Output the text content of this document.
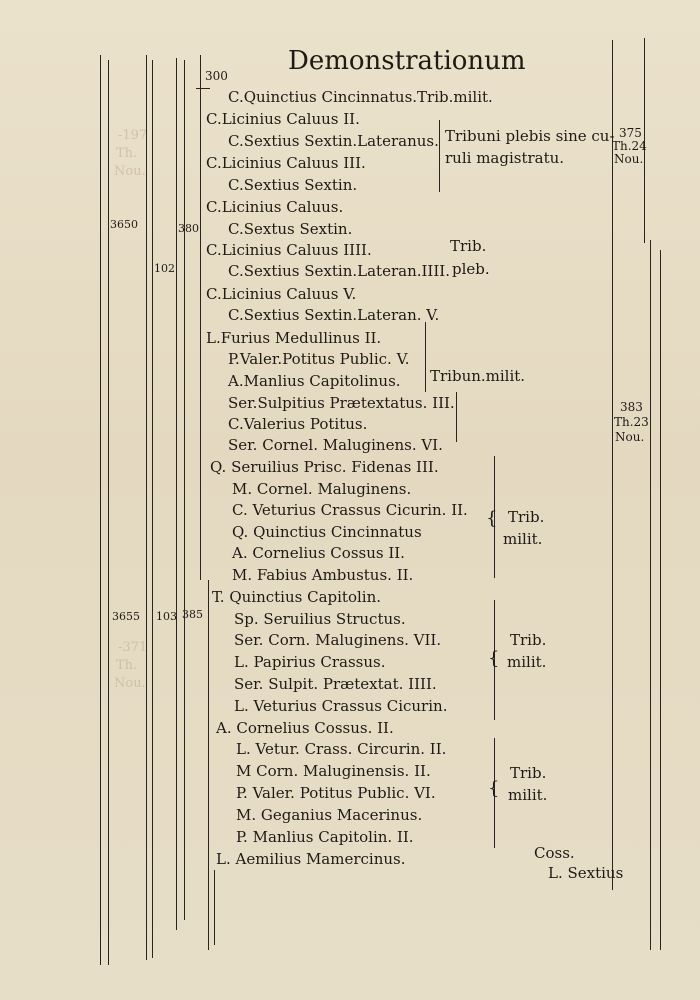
-197
Th.
Nou.
-371
Th.
Nou.
{
{
{
300 Demonstrationum
C.Quinctius Cincinnatus.Trib.milit.
C.Licinius Caluus II.
C.Sextius Sextin.Lateranus.
C.Licinius Caluus III.
C.Sextius Sextin.
C.Licinius Caluus.
C.Sextus Sextin.
C.Licinius Caluus IIII.
C.Sextius Sextin.Lateran.IIII.
C.Licinius Caluus V.
C.Sextius Sextin.Lateran. V.
L.Furius Medullinus II.
P.Valer.Potitus Public. V.
A.Manlius Capitolinus.
Ser.Sulpitius Prætextatus. III.
C.Valerius Potitus.
Ser. Cornel. Maluginens. VI.
Q. Seruilius Prisc. Fidenas III.
M. Cornel. Maluginens.
C. Veturius Crassus Cicurin. II.
Q. Quinctius Cincinnatus
A. Cornelius Cossus II.
M. Fabius Ambustus. II.
T. Quinctius Capitolin.
Sp. Seruilius Structus.
Ser. Corn. Maluginens. VII.
L. Papirius Crassus.
Ser. Sulpit. Prætextat. IIII.
L. Veturius Crassus Cicurin.
A. Cornelius Cossus. II.
L. Vetur. Crass. Circurin. II.
M Corn. Maluginensis. II.
P. Valer. Potitus Public. VI.
M. Geganius Macerinus.
P. Manlius Capitolin. II.
L. Aemilius Mamercinus.
Tribuni plebis sine cu-
ruli magistratu.
Trib.
pleb.
Tribun.milit.
Trib.
milit.
Trib.
milit.
Trib.
milit.
Coss.
L. Sextius
3650	380
102
3655 103 385
375
Th.24
Nou.
383
Th.23
Nou.
